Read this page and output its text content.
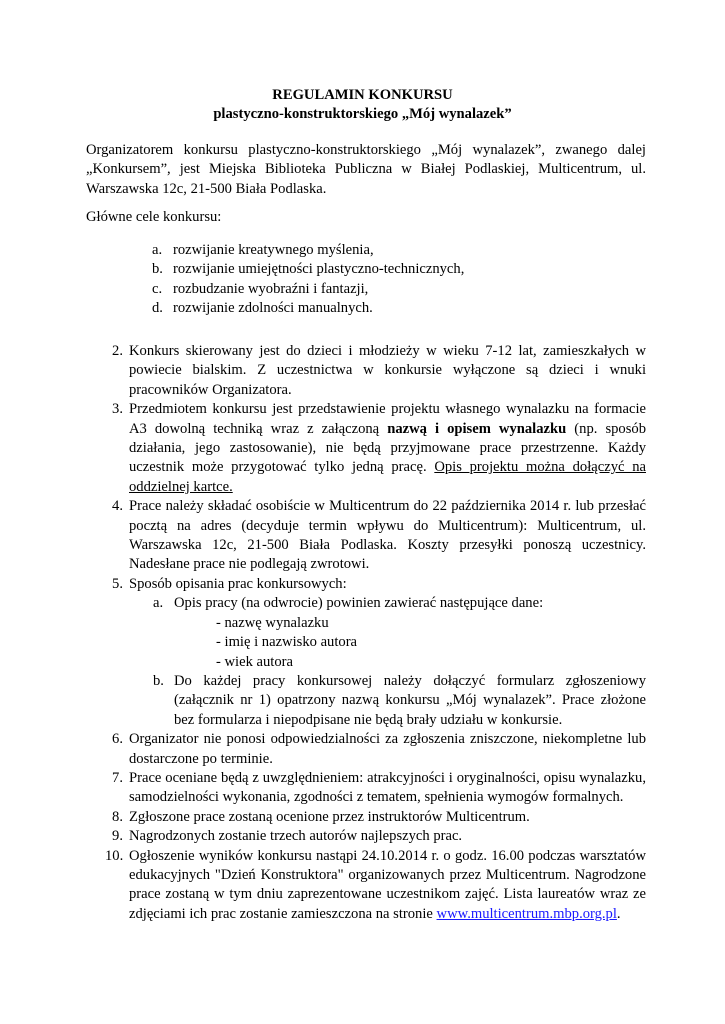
REGULAMIN KONKURSU
plastyczno-konstruktorskiego „Mój wynalazek”
Organizatorem konkursu plastyczno-konstruktorskiego „Mój wynalazek”, zwanego dalej „Konkursem”, jest Miejska Biblioteka Publiczna w Białej Podlaskiej, Multicentrum, ul. Warszawska 12c, 21-500 Biała Podlaska.
Główne cele konkursu:
a. rozwijanie kreatywnego myślenia,
b. rozwijanie umiejętności plastyczno-technicznych,
c. rozbudzanie wyobraźni i fantazji,
d. rozwijanie zdolności manualnych.
2. Konkurs skierowany jest do dzieci i młodzieży w wieku 7-12 lat, zamieszkałych w powiecie bialskim. Z uczestnictwa w konkursie wyłączone są dzieci i wnuki pracowników Organizatora.
3. Przedmiotem konkursu jest przedstawienie projektu własnego wynalazku na formacie A3 dowolną techniką wraz z załączoną nazwą i opisem wynalazku (np. sposób działania, jego zastosowanie), nie będą przyjmowane prace przestrzenne. Każdy uczestnik może przygotować tylko jedną pracę. Opis projektu można dołączyć na oddzielnej kartce.
4. Prace należy składać osobiście w Multicentrum do 22 października 2014 r. lub przesłać pocztą na adres (decyduje termin wpływu do Multicentrum): Multicentrum, ul. Warszawska 12c, 21-500 Biała Podlaska. Koszty przesyłki ponoszą uczestnicy. Nadesłane prace nie podlegają zwrotowi.
5. Sposób opisania prac konkursowych:
a. Opis pracy (na odwrocie) powinien zawierać następujące dane:
- nazwę wynalazku
- imię i nazwisko autora
- wiek autora
b. Do każdej pracy konkursowej należy dołączyć formularz zgłoszeniowy (załącznik nr 1) opatrzony nazwą konkursu „Mój wynalazek”. Prace złożone bez formularza i niepodpisane nie będą brały udziału w konkursie.
6. Organizator nie ponosi odpowiedzialności za zgłoszenia zniszczone, niekompletne lub dostarczone po terminie.
7. Prace oceniane będą z uwzględnieniem: atrakcyjności i oryginalności, opisu wynalazku, samodzielności wykonania, zgodności z tematem, spełnienia wymogów formalnych.
8. Zgłoszone prace zostaną ocenione przez instruktorów Multicentrum.
9. Nagrodzonych zostanie trzech autorów najlepszych prac.
10. Ogłoszenie wyników konkursu nastąpi 24.10.2014 r. o godz. 16.00 podczas warsztatów edukacyjnych "Dzień Konstruktora" organizowanych przez Multicentrum. Nagrodzone prace zostaną w tym dniu zaprezentowane uczestnikom zajęć. Lista laureatów wraz ze zdjęciami ich prac zostanie zamieszczona na stronie www.multicentrum.mbp.org.pl.
